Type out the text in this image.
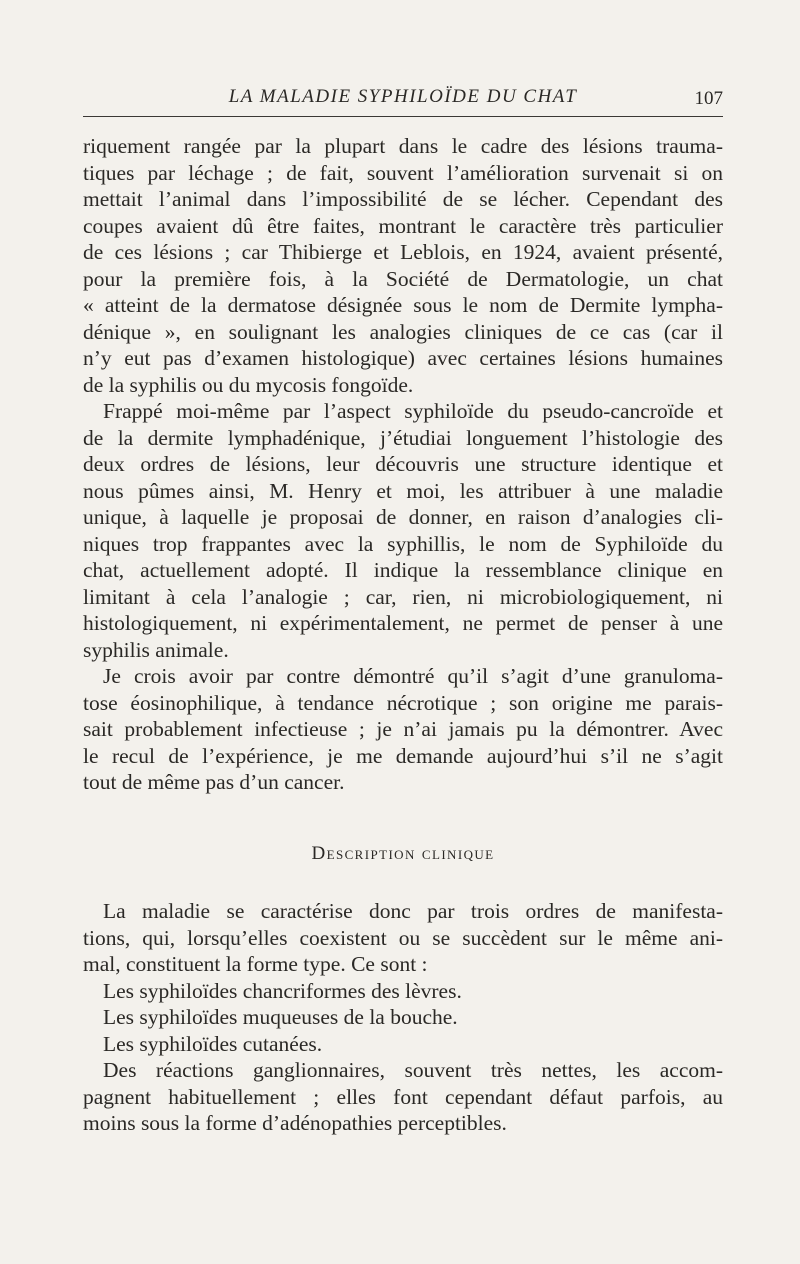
LA MALADIE SYPHILOÏDE DU CHAT	107
riquement rangée par la plupart dans le cadre des lésions trauma-
tiques par léchage ; de fait, souvent l’amélioration survenait si on
mettait l’animal dans l’impossibilité de se lécher. Cependant des
coupes avaient dû être faites, montrant le caractère très particulier
de ces lésions ; car Thibierge et Leblois, en 1924, avaient présenté,
pour la première fois, à la Société de Dermatologie, un chat
« atteint de la dermatose désignée sous le nom de Dermite lympha-
dénique », en soulignant les analogies cliniques de ce cas (car il
n’y eut pas d’examen histologique) avec certaines lésions humaines
de la syphilis ou du mycosis fongoïde.
Frappé moi-même par l’aspect syphiloïde du pseudo-cancroïde et
de la dermite lymphadénique, j’étudiai longuement l’histologie des
deux ordres de lésions, leur découvris une structure identique et
nous pûmes ainsi, M. Henry et moi, les attribuer à une maladie
unique, à laquelle je proposai de donner, en raison d’analogies cli-
niques trop frappantes avec la syphillis, le nom de Syphiloïde du
chat, actuellement adopté. Il indique la ressemblance clinique en
limitant à cela l’analogie ; car, rien, ni microbiologiquement, ni
histologiquement, ni expérimentalement, ne permet de penser à une
syphilis animale.
Je crois avoir par contre démontré qu’il s’agit d’une granuloma-
tose éosinophilique, à tendance nécrotique ; son origine me parais-
sait probablement infectieuse ; je n’ai jamais pu la démontrer. Avec
le recul de l’expérience, je me demande aujourd’hui s’il ne s’agit
tout de même pas d’un cancer.
Description clinique
La maladie se caractérise donc par trois ordres de manifesta-
tions, qui, lorsqu’elles coexistent ou se succèdent sur le même ani-
mal, constituent la forme type. Ce sont :
Les syphiloïdes chancriformes des lèvres.
Les syphiloïdes muqueuses de la bouche.
Les syphiloïdes cutanées.
Des réactions ganglionnaires, souvent très nettes, les accom-
pagnent habituellement ; elles font cependant défaut parfois, au
moins sous la forme d’adénopathies perceptibles.
